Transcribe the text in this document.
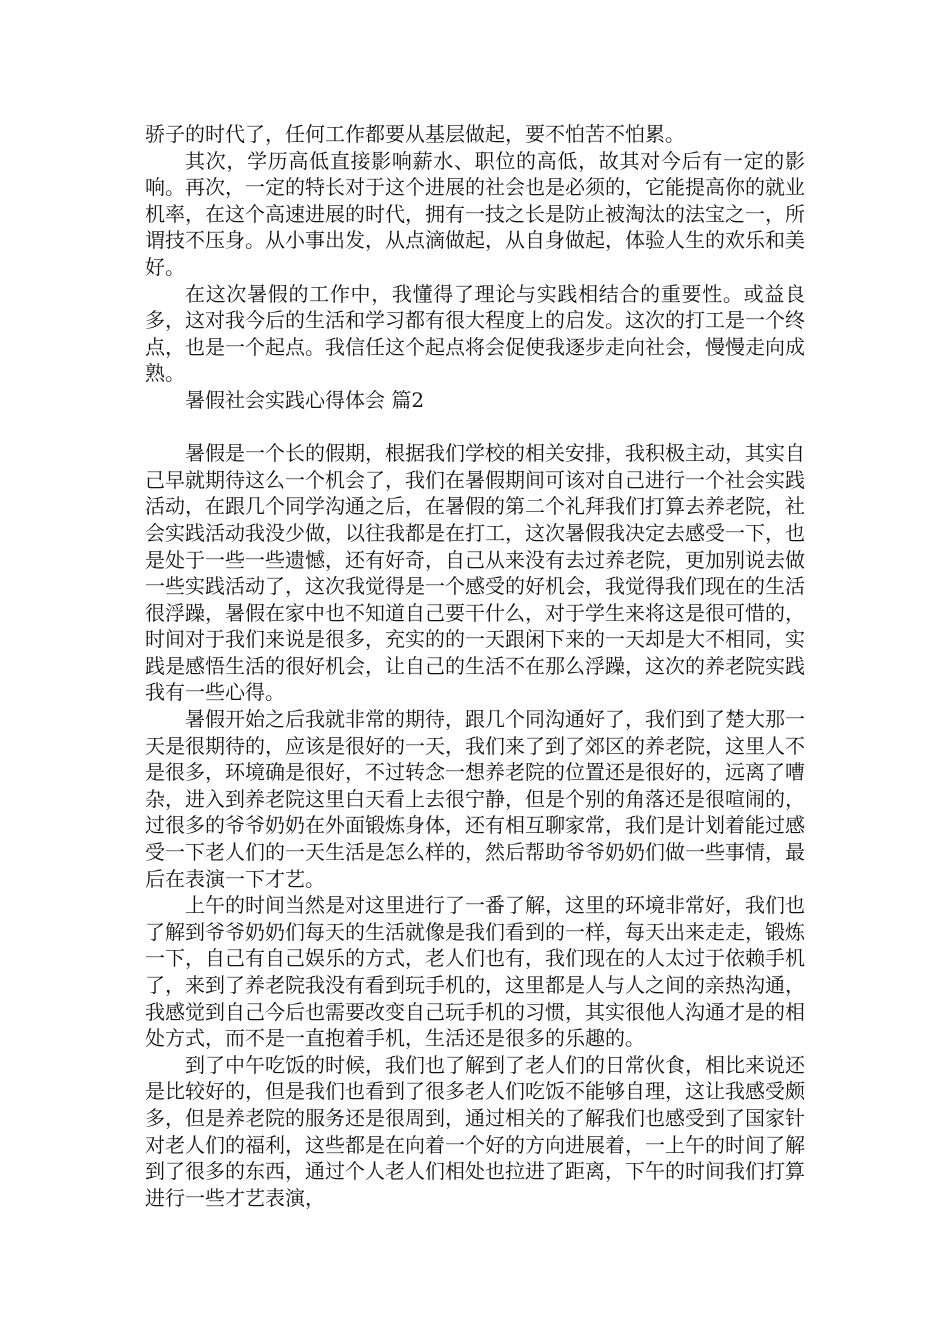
骄子的时代了，任何工作都要从基层做起，要不怕苦不怕累。

其次，学历高低直接影响薪水、职位的高低，故其对今后有一定的影响。再次，一定的特长对于这个进展的社会也是必须的，它能提高你的就业机率，在这个高速进展的时代，拥有一技之长是防止被淘汰的法宝之一，所谓技不压身。从小事出发，从点滴做起，从自身做起，体验人生的欢乐和美好。

在这次暑假的工作中，我懂得了理论与实践相结合的重要性。或益良多，这对我今后的生活和学习都有很大程度上的启发。这次的打工是一个终点，也是一个起点。我信任这个起点将会促使我逐步走向社会，慢慢走向成熟。

暑假社会实践心得体会 篇2

暑假是一个长的假期，根据我们学校的相关安排，我积极主动，其实自己早就期待这么一个机会了，我们在暑假期间可该对自己进行一个社会实践活动，在跟几个同学沟通之后，在暑假的第二个礼拜我们打算去养老院，社会实践活动我没少做，以往我都是在打工，这次暑假我决定去感受一下，也是处于一些一些遗憾，还有好奇，自己从来没有去过养老院，更加别说去做一些实践活动了，这次我觉得是一个感受的好机会，我觉得我们现在的生活很浮躁，暑假在家中也不知道自己要干什么，对于学生来将这是很可惜的，时间对于我们来说是很多，充实的的一天跟闲下来的一天却是大不相同，实践是感悟生活的很好机会，让自己的生活不在那么浮躁，这次的养老院实践我有一些心得。

暑假开始之后我就非常的期待，跟几个同沟通好了，我们到了楚大那一天是很期待的，应该是很好的一天，我们来了到了郊区的养老院，这里人不是很多，环境确是很好，不过转念一想养老院的位置还是很好的，远离了嘈杂，进入到养老院这里白天看上去很宁静，但是个别的角落还是很喧闹的，过很多的爷爷奶奶在外面锻炼身体，还有相互聊家常，我们是计划着能过感受一下老人们的一天生活是怎么样的，然后帮助爷爷奶奶们做一些事情，最后在表演一下才艺。

上午的时间当然是对这里进行了一番了解，这里的环境非常好，我们也了解到爷爷奶奶们每天的生活就像是我们看到的一样，每天出来走走，锻炼一下，自己有自己娱乐的方式，老人们也有，我们现在的人太过于依赖手机了，来到了养老院我没有看到玩手机的，这里都是人与人之间的亲热沟通，我感觉到自己今后也需要改变自己玩手机的习惯，其实很他人沟通才是的相处方式，而不是一直抱着手机，生活还是很多的乐趣的。

到了中午吃饭的时候，我们也了解到了老人们的日常伙食，相比来说还是比较好的，但是我们也看到了很多老人们吃饭不能够自理，这让我感受颇多，但是养老院的服务还是很周到，通过相关的了解我们也感受到了国家针对老人们的福利，这些都是在向着一个好的方向进展着，一上午的时间了解到了很多的东西，通过个人老人们相处也拉进了距离，下午的时间我们打算进行一些才艺表演，
